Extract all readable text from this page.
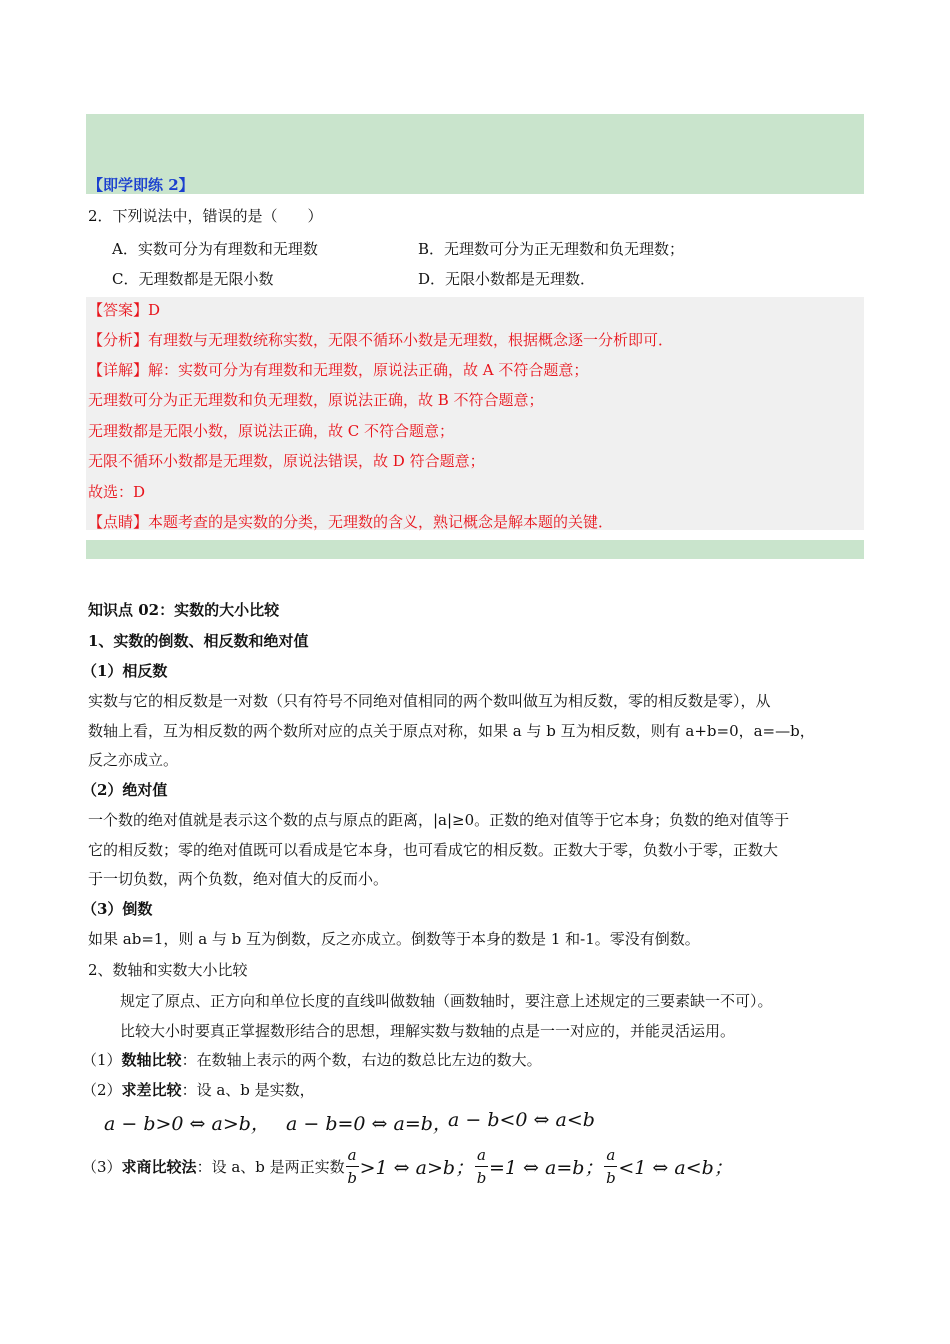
【即学即练 2】
2．下列说法中，错误的是（　　）
A．实数可分为有理数和无理数	B．无理数可分为正无理数和负无理数；
C．无理数都是无限小数	D．无限小数都是无理数．
【答案】D
【分析】有理数与无理数统称实数，无限不循环小数是无理数，根据概念逐一分析即可．
【详解】解：实数可分为有理数和无理数，原说法正确，故 A 不符合题意；
无理数可分为正无理数和负无理数，原说法正确，故 B 不符合题意；
无理数都是无限小数，原说法正确，故 C 不符合题意；
无限不循环小数都是无理数，原说法错误，故 D 符合题意；
故选：D
【点睛】本题考查的是实数的分类，无理数的含义，熟记概念是解本题的关键．
知识点 02：实数的大小比较
1、实数的倒数、相反数和绝对值
（1）相反数
实数与它的相反数是一对数（只有符号不同绝对值相同的两个数叫做互为相反数，零的相反数是零），从
数轴上看，互为相反数的两个数所对应的点关于原点对称，如果 a 与 b 互为相反数，则有 a+b=0，a=—b，
反之亦成立。
（2）绝对值
一个数的绝对值就是表示这个数的点与原点的距离，|a|≥0。正数的绝对值等于它本身；负数的绝对值等于
它的相反数；零的绝对值既可以看成是它本身，也可看成它的相反数。正数大于零，负数小于零，正数大
于一切负数，两个负数，绝对值大的反而小。
（3）倒数
如果 ab=1，则 a 与 b 互为倒数，反之亦成立。倒数等于本身的数是 1 和-1。零没有倒数。
2、数轴和实数大小比较
规定了原点、正方向和单位长度的直线叫做数轴（画数轴时，要注意上述规定的三要素缺一不可）。
比较大小时要真正掌握数形结合的思想，理解实数与数轴的点是一一对应的，并能灵活运用。
（1）数轴比较：在数轴上表示的两个数，右边的数总比左边的数大。
（2）求差比较：设 a、b 是实数，
a − b>0 ⇔ a>b， a − b=0 ⇔ a=b，
a − b<0 ⇔ a<b
（3）求商比较法：设 a、b 是两正实数 $\frac{a}{b} >1$ ⇔ a>b； $\frac{a}{b} =1$ ⇔ a=b； $\frac{a}{b} <1$ ⇔ a<b；
